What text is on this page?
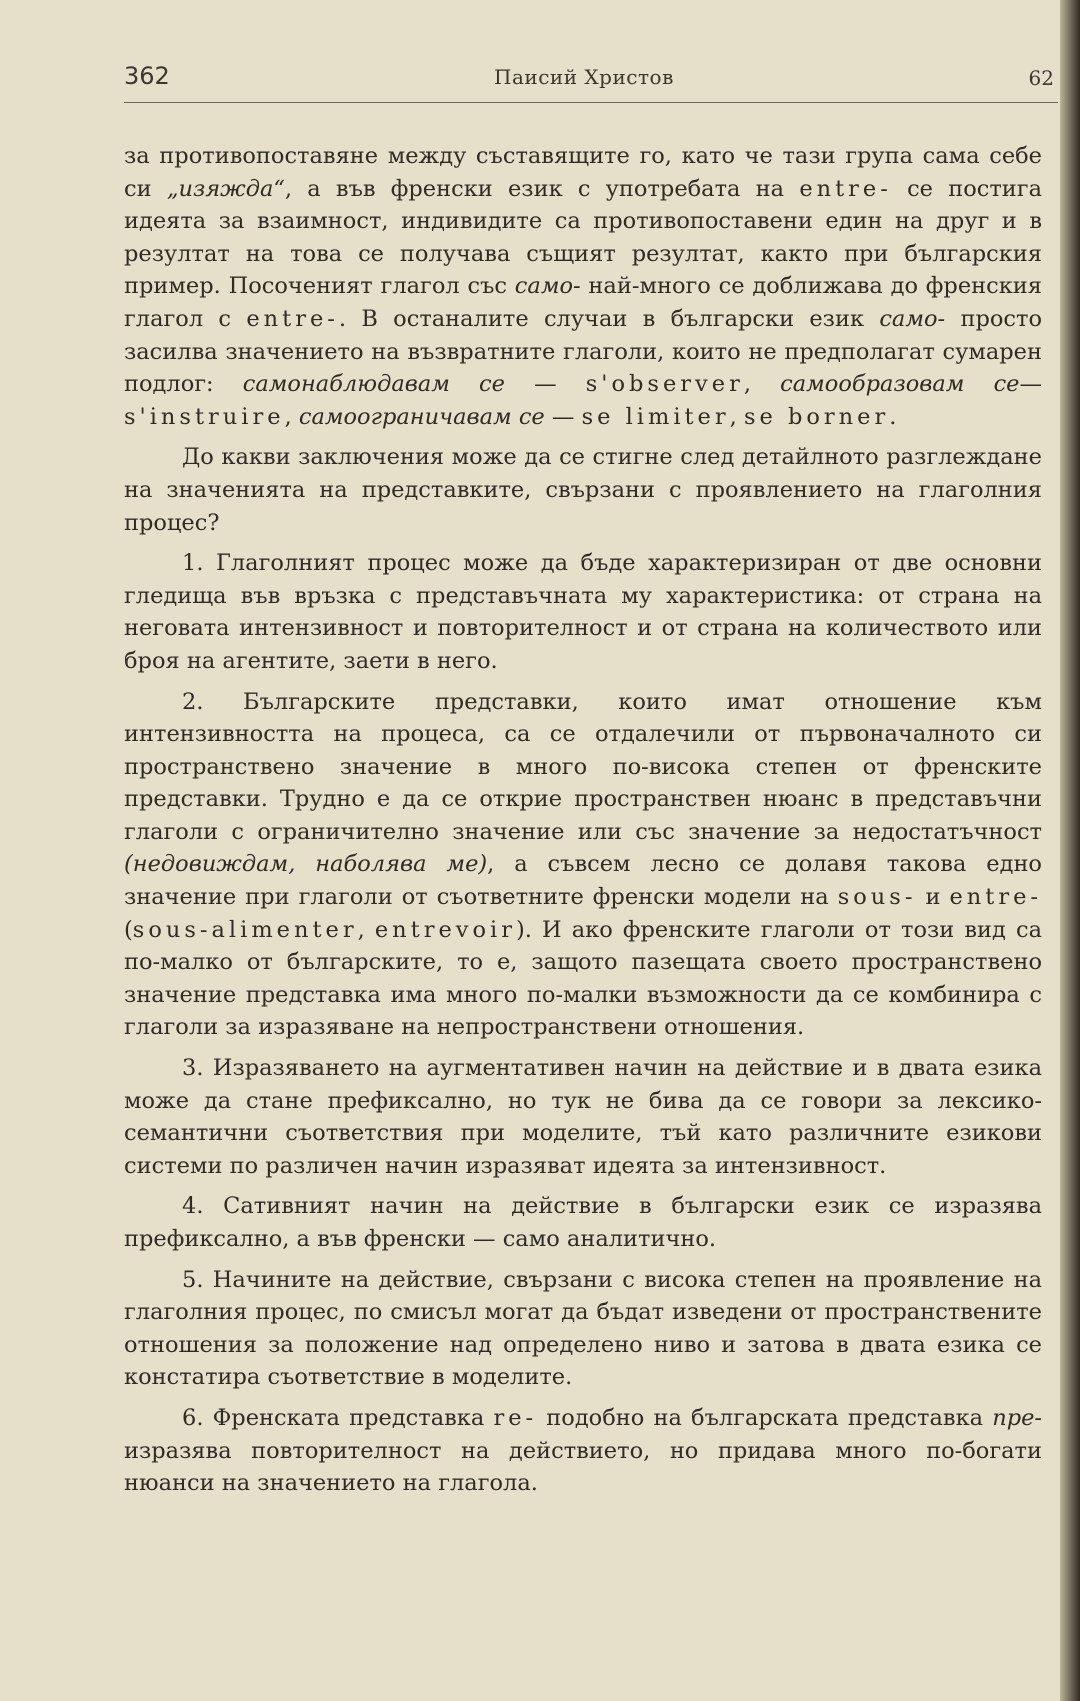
362	Паисий Христов	62

за противопоставяне между съставящите го, като че тази група сама себе си „изяжда“, а във френски език с употребата на entre- се постига идеята за взаимност, индивидите са противопоставени един на друг и в резултат на това се получава същият резултат, както при българския пример. Посоченият глагол със само- най-много се доближава до френския глагол с entre-. В останалите случаи в български език само- просто засилва значението на възвратните глаголи, които не предполагат сумарен подлог: самонаблюдавам се — s'observer, самообразовам се— s'instruire, самоограничавам се — se limiter, se borner.

До какви заключения може да се стигне след детайлното разглеждане на значенията на представките, свързани с проявлението на глаголния процес?

1. Глаголният процес може да бъде характеризиран от две основни гледища във връзка с представъчната му характеристика: от страна на неговата интензивност и повторителност и от страна на количеството или броя на агентите, заети в него.

2. Българските представки, които имат отношение към интензивността на процеса, са се отдалечили от първоначалното си пространствено значение в много по-висока степен от френските представки. Трудно е да се открие пространствен нюанс в представъчни глаголи с ограничително значение или със значение за недостатъчност (недовиждам, наболява ме), а съвсем лесно се долавя такова едно значение при глаголи от съответните френски модели на sous- и entre- (sous-alimenter, entrevoir). И ако френските глаголи от този вид са по-малко от българските, то е, защото пазещата своето пространствено значение представка има много по-малки възможности да се комбинира с глаголи за изразяване на непространствени отношения.

3. Изразяването на аугментативен начин на действие и в двата езика може да стане префиксално, но тук не бива да се говори за лексико-семантични съответствия при моделите, тъй като различните езикови системи по различен начин изразяват идеята за интензивност.

4. Сативният начин на действие в български език се изразява префиксално, а във френски — само аналитично.

5. Начините на действие, свързани с висока степен на проявление на глаголния процес, по смисъл могат да бъдат изведени от пространствените отношения за положение над определено ниво и затова в двата езика се констатира съответствие в моделите.

6. Френската представка re- подобно на българската представка пре- изразява повторителност на действието, но придава много по-богати нюанси на значението на глагола.
